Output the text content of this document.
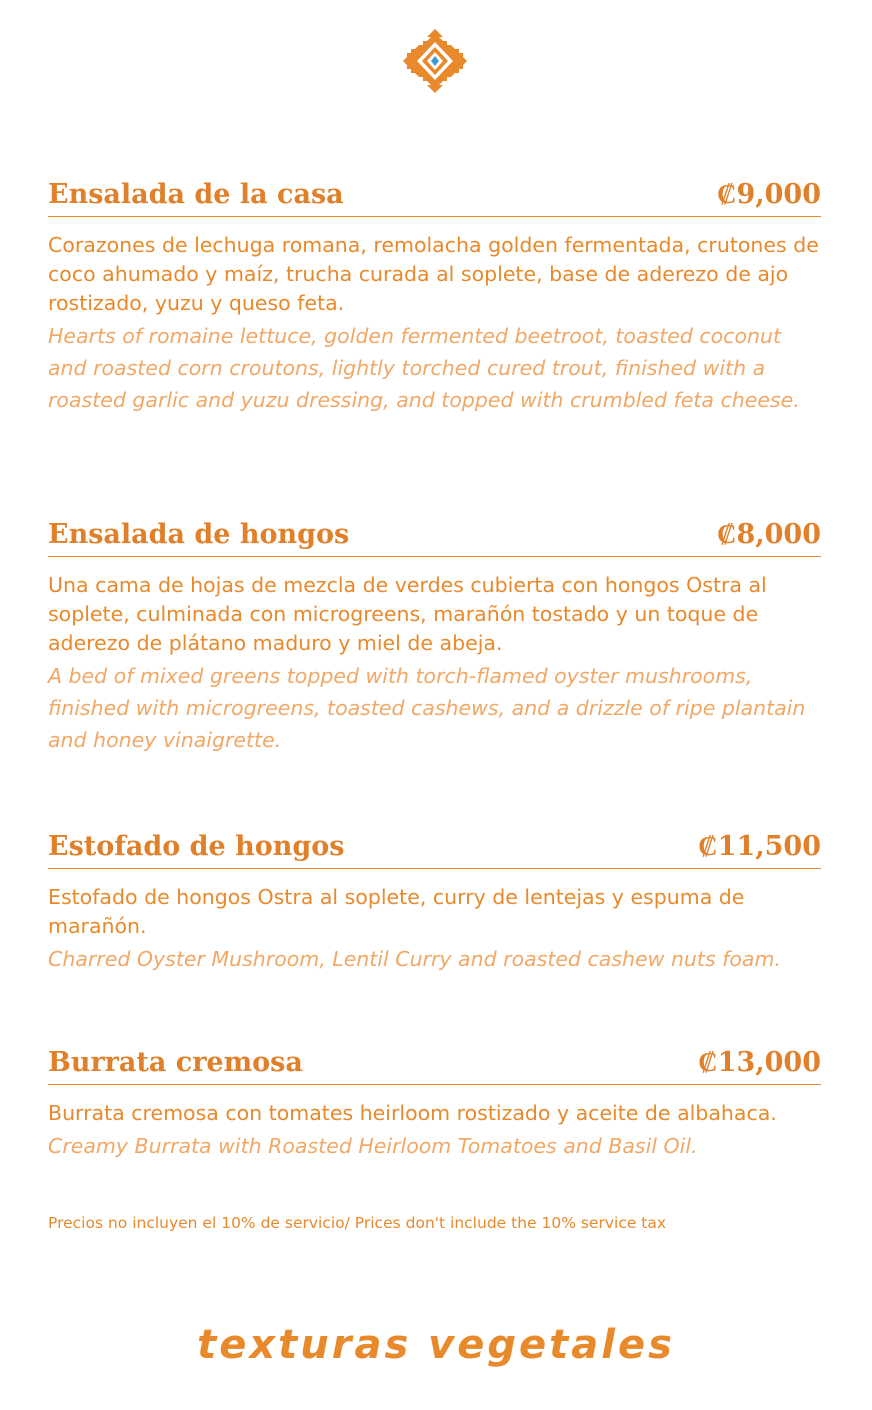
Ensalada de la casa	₡9,000
Corazones de lechuga romana, remolacha golden fermentada, crutones de coco ahumado y maíz, trucha curada al soplete, base de aderezo de ajo rostizado, yuzu y queso feta.
Hearts of romaine lettuce, golden fermented beetroot, toasted coconut and roasted corn croutons, lightly torched cured trout, finished with a roasted garlic and yuzu dressing, and topped with crumbled feta cheese.
Ensalada de hongos	₡8,000
Una cama de hojas de mezcla de verdes cubierta con hongos Ostra al soplete, culminada con microgreens, marañón tostado y un toque de aderezo de plátano maduro y miel de abeja.
A bed of mixed greens topped with torch-flamed oyster mushrooms, finished with microgreens, toasted cashews, and a drizzle of ripe plantain and honey vinaigrette.
Estofado de hongos	₡11,500
Estofado de hongos Ostra al soplete, curry de lentejas y espuma de marañón.
Charred Oyster Mushroom, Lentil Curry and roasted cashew nuts foam.
Burrata cremosa	₡13,000
Burrata cremosa con tomates heirloom rostizado y aceite de albahaca.
Creamy Burrata with Roasted Heirloom Tomatoes and Basil Oil.
Precios no incluyen el 10% de servicio/ Prices don't include the 10% service tax
texturas vegetales
